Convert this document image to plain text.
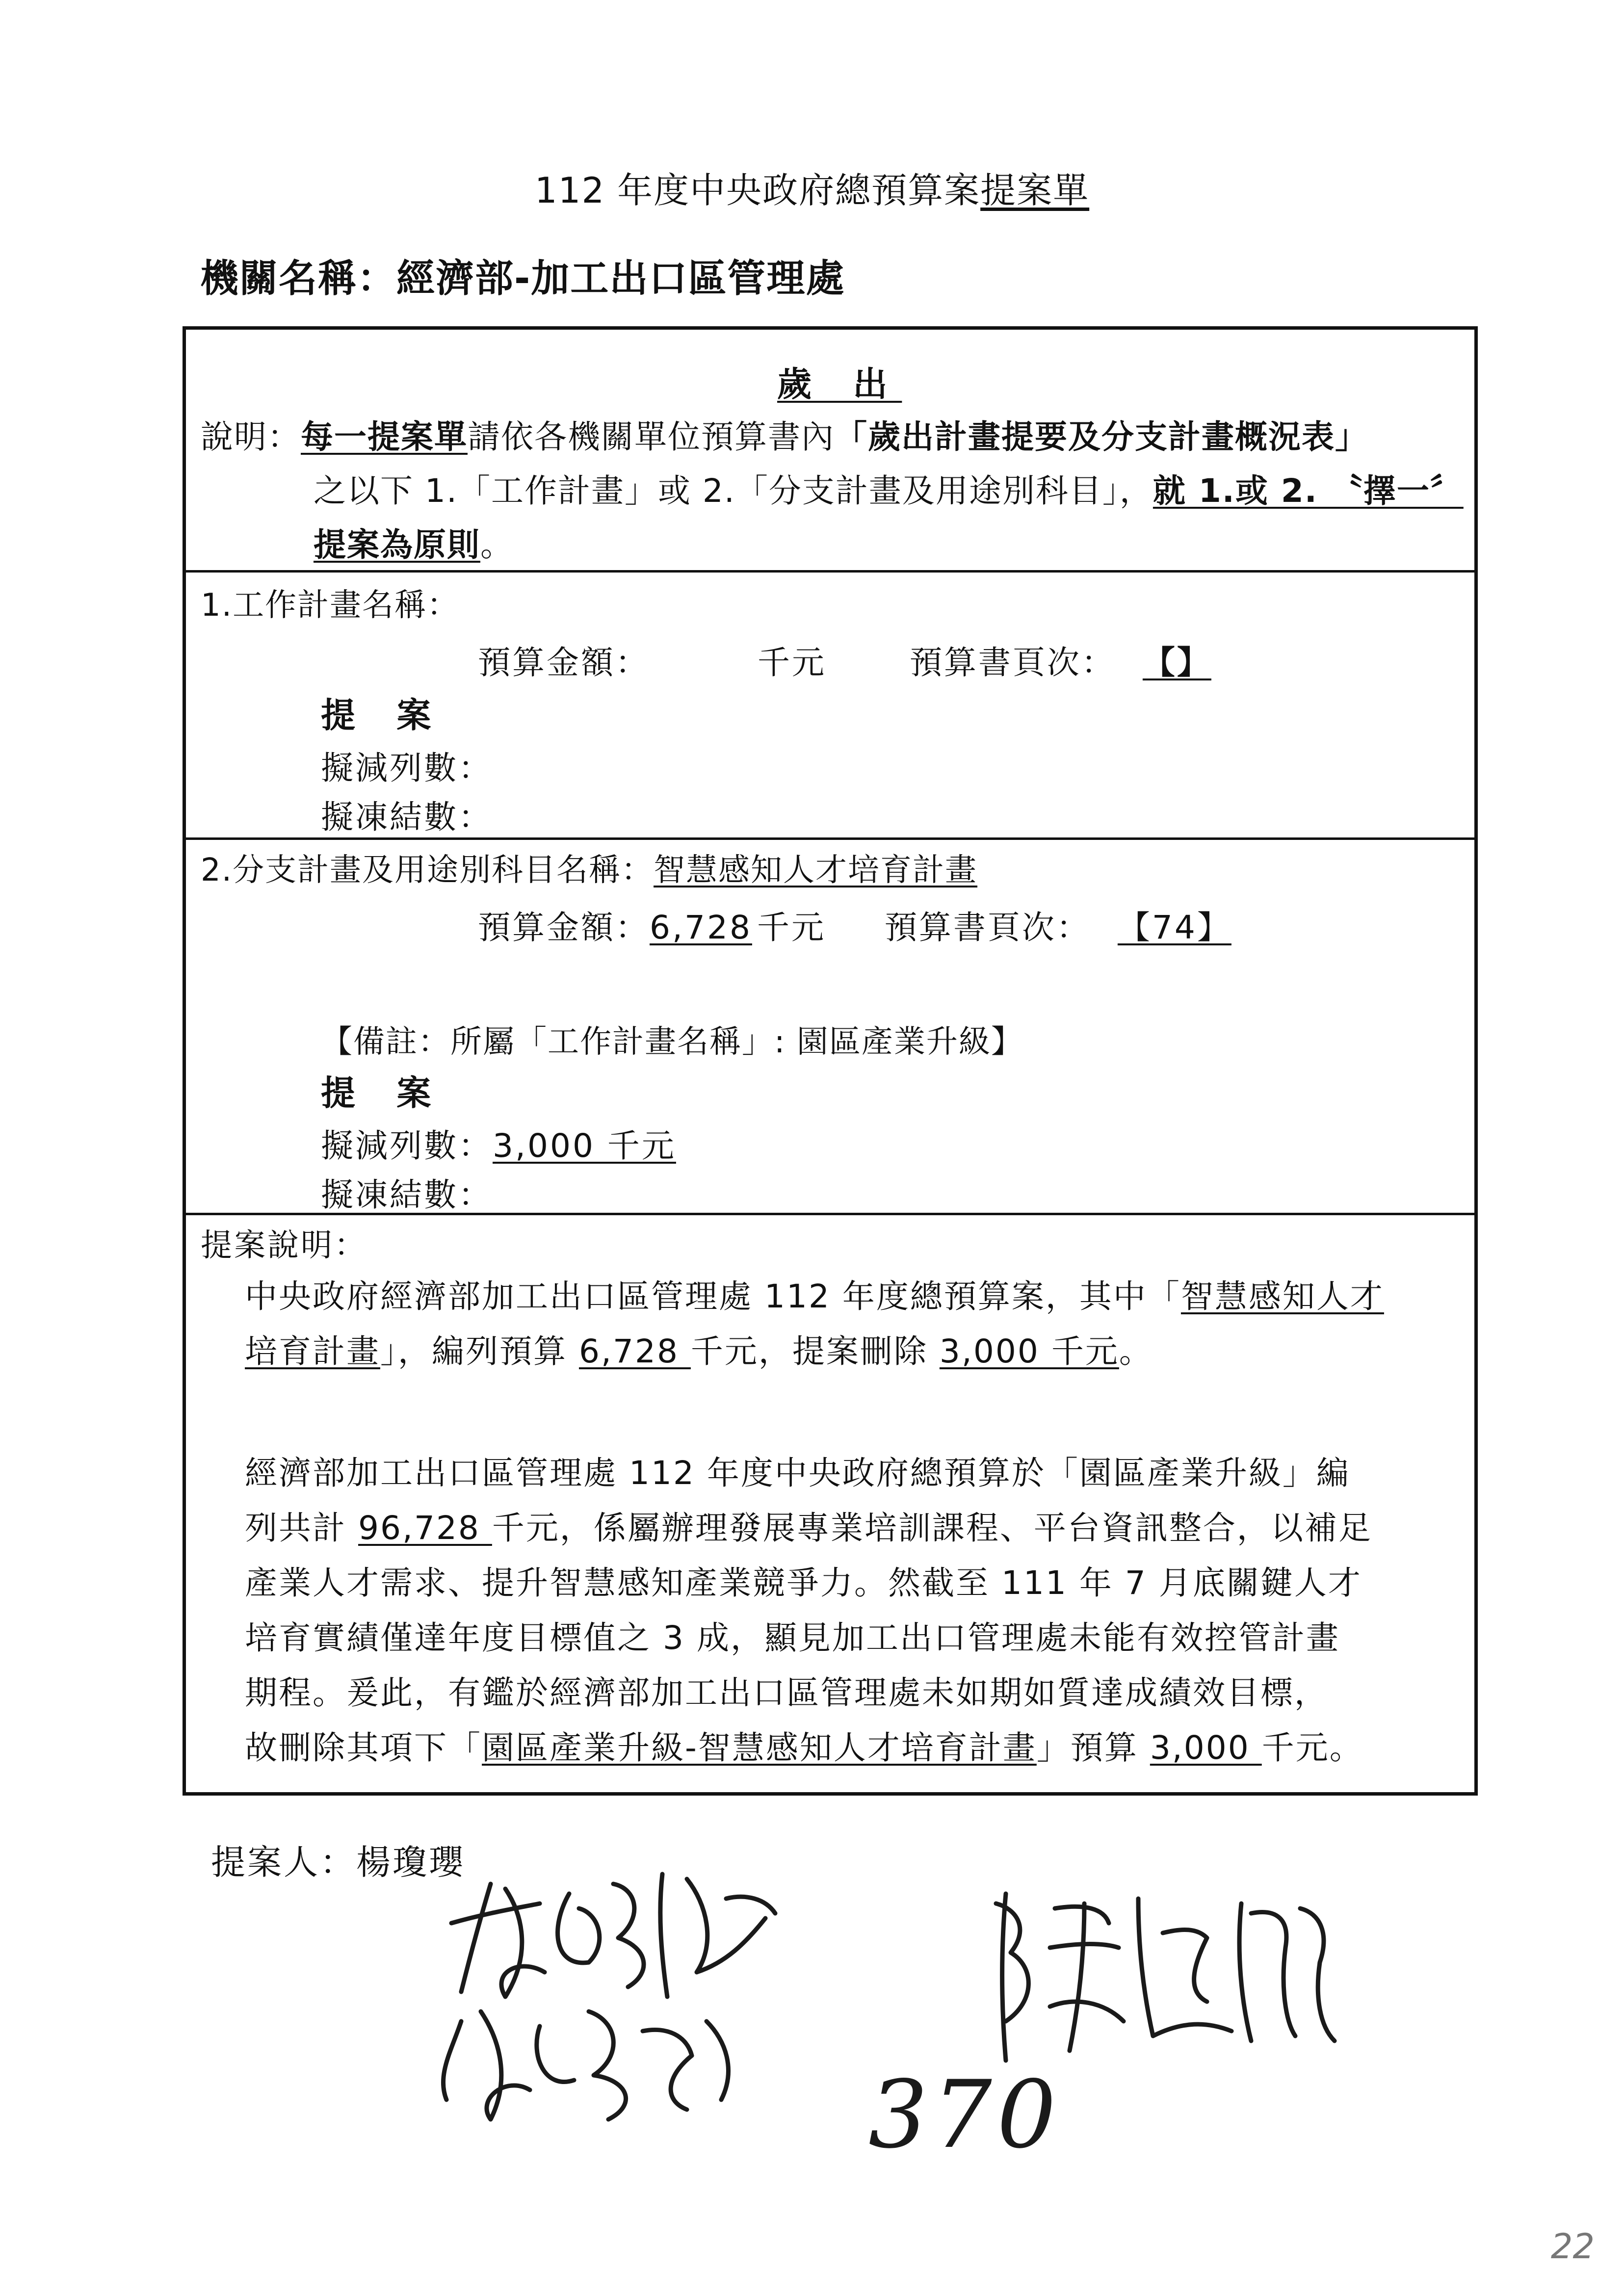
112 年度中央政府總預算案提案單
機關名稱：經濟部-加工出口區管理處
歲 出
說明：每一提案單請依各機關單位預算書內「歲出計畫提要及分支計畫概況表」
之以下 1.「工作計畫」或 2.「分支計畫及用途別科目」，就 1.或 2. 〝擇一〞
提案為原則。
1.工作計畫名稱：
預算金額：	千元	預算書頁次： 【】
提 案
擬減列數：
擬凍結數：
2.分支計畫及用途別科目名稱：智慧感知人才培育計畫
預算金額：6,728 千元 預算書頁次： 【74】
【備註：所屬「工作計畫名稱」: 園區產業升級】
提 案
擬減列數：3,000 千元
擬凍結數：
提案說明：
中央政府經濟部加工出口區管理處 112 年度總預算案，其中「智慧感知人才
培育計畫」，編列預算 6,728 千元，提案刪除 3,000 千元。
經濟部加工出口區管理處 112 年度中央政府總預算於「園區產業升級」編
列共計 96,728 千元，係屬辦理發展專業培訓課程、平台資訊整合，以補足
產業人才需求、提升智慧感知產業競爭力。然截至 111 年 7 月底關鍵人才
培育實績僅達年度目標值之 3 成，顯見加工出口管理處未能有效控管計畫
期程。爰此，有鑑於經濟部加工出口區管理處未如期如質達成績效目標，
故刪除其項下「園區產業升級-智慧感知人才培育計畫」預算 3,000 千元。
提案人：楊瓊瓔
370
22
